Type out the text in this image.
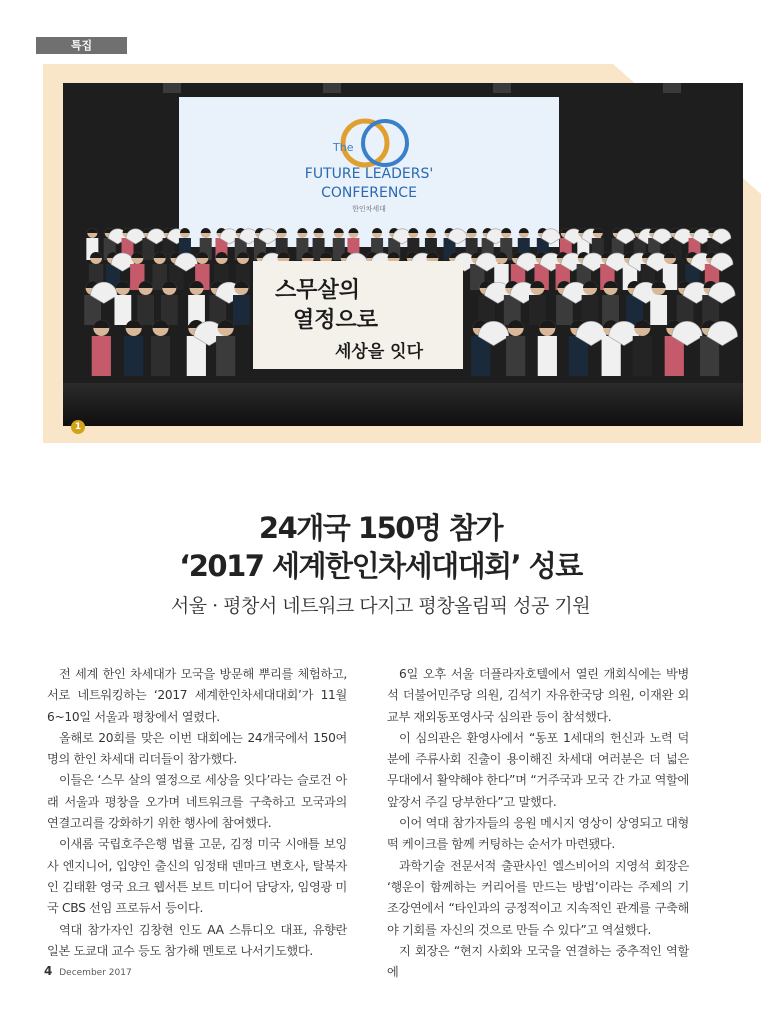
특집
The
FUTURE LEADERS'
CONFERENCE
한인차세대
스무살의
열정으로
세상을 잇다
1
24개국 150명 참가
‘2017 세계한인차세대대회’ 성료
서울 · 평창서 네트워크 다지고 평창올림픽 성공 기원

전 세계 한인 차세대가 모국을 방문해 뿌리를 체험하고, 서로 네트워킹하는 ‘2017 세계한인차세대대회’가 11월 6~10일 서울과 평창에서 열렸다.

올해로 20회를 맞은 이번 대회에는 24개국에서 150여 명의 한인 차세대 리더들이 참가했다.

이들은 ‘스무 살의 열정으로 세상을 잇다’라는 슬로건 아래 서울과 평창을 오가며 네트워크를 구축하고 모국과의 연결고리를 강화하기 위한 행사에 참여했다.

이새롬 국립호주은행 법률 고문, 김정 미국 시애틀 보잉사 엔지니어, 입양인 출신의 임정태 덴마크 변호사, 탈북자인 김태환 영국 요크 웹서튼 보트 미디어 담당자, 임영광 미국 CBS 선임 프로듀서 등이다.

역대 참가자인 김창현 인도 AA 스튜디오 대표, 유향란 일본 도쿄대 교수 등도 참가해 멘토로 나서기도했다.

6일 오후 서울 더플라자호텔에서 열린 개회식에는 박병석 더불어민주당 의원, 김석기 자유한국당 의원, 이재완 외교부 재외동포영사국 심의관 등이 참석했다.

이 심의관은 환영사에서 “동포 1세대의 헌신과 노력 덕분에 주류사회 진출이 용이해진 차세대 여러분은 더 넓은 무대에서 활약해야 한다”며 “거주국과 모국 간 가교 역할에 앞장서 주길 당부한다”고 말했다.

이어 역대 참가자들의 응원 메시지 영상이 상영되고 대형 떡 케이크를 함께 커팅하는 순서가 마련됐다.

과학기술 전문서적 출판사인 엘스비어의 지영석 회장은 ‘행운이 함께하는 커리어를 만드는 방법’이라는 주제의 기조강연에서 “타인과의 긍정적이고 지속적인 관계를 구축해야 기회를 자신의 것으로 만들 수 있다”고 역설했다.

지 회장은 “현지 사회와 모국을 연결하는 중추적인 역할에

4 December 2017
